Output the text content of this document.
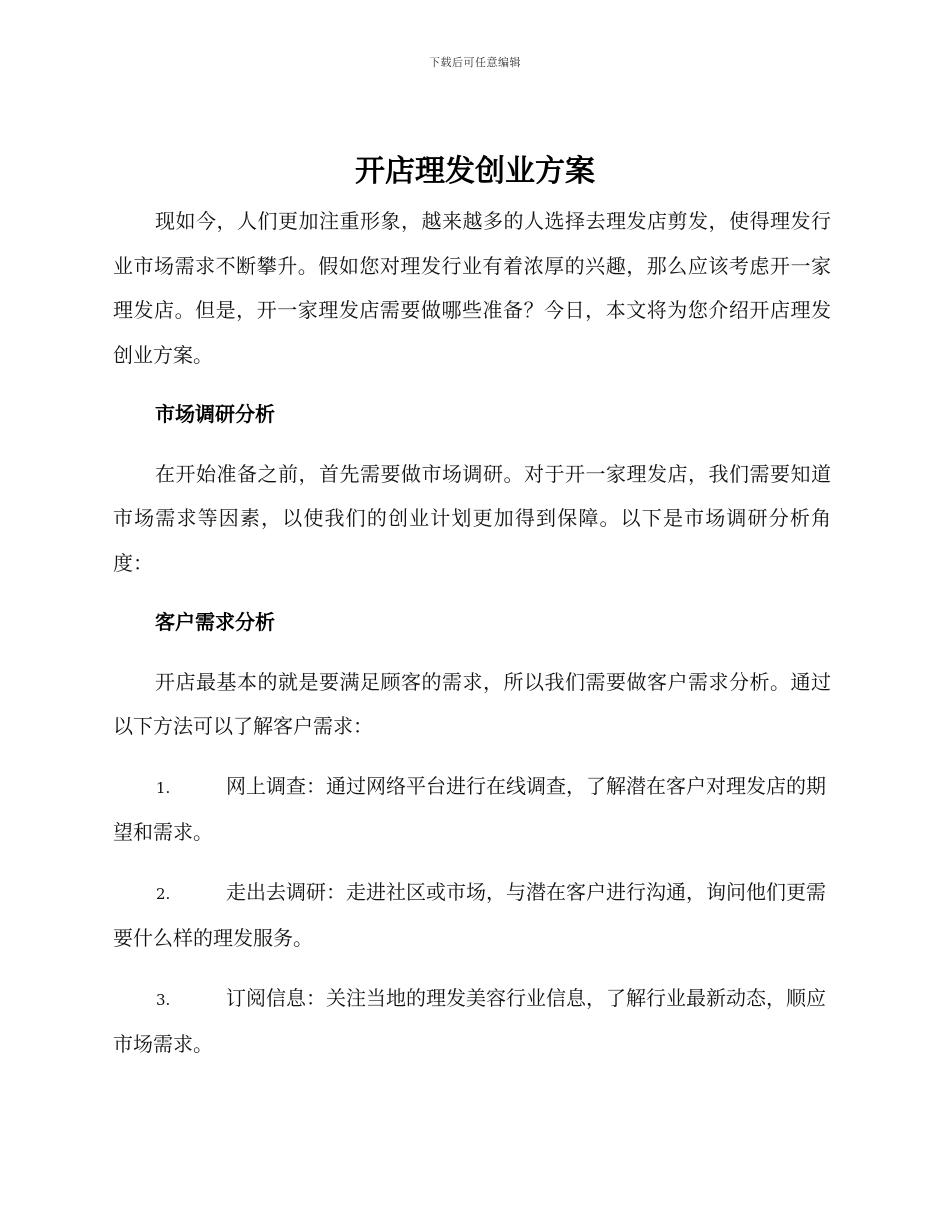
下载后可任意编辑
开店理发创业方案

现如今，人们更加注重形象，越来越多的人选择去理发店剪发，使得理发行业市场需求不断攀升。假如您对理发行业有着浓厚的兴趣，那么应该考虑开一家理发店。但是，开一家理发店需要做哪些准备？今日，本文将为您介绍开店理发创业方案。

市场调研分析

在开始准备之前，首先需要做市场调研。对于开一家理发店，我们需要知道市场需求等因素，以使我们的创业计划更加得到保障。以下是市场调研分析角度：

客户需求分析

开店最基本的就是要满足顾客的需求，所以我们需要做客户需求分析。通过以下方法可以了解客户需求：

1.	网上调查：通过网络平台进行在线调查，了解潜在客户对理发店的期望和需求。

2.	走出去调研：走进社区或市场，与潜在客户进行沟通，询问他们更需要什么样的理发服务。

3.	订阅信息：关注当地的理发美容行业信息，了解行业最新动态，顺应市场需求。
